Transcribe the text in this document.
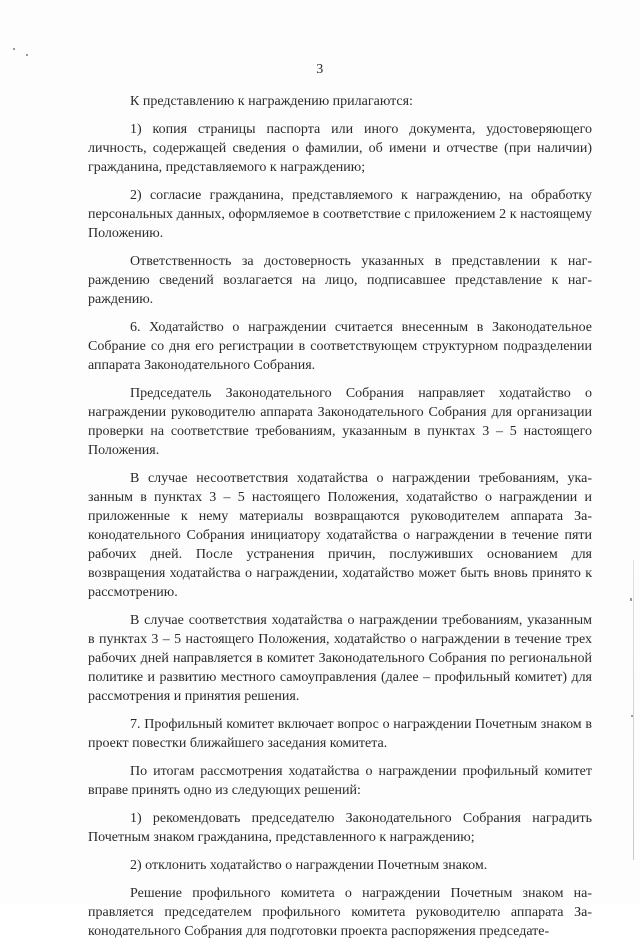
3

К представлению к награждению прилагаются:

1) копия страницы паспорта или иного документа, удостоверяющего личность, содержащей сведения о фамилии, об имени и отчестве (при наличии) гражданина, представляемого к награждению;

2) согласие гражданина, представляемого к награждению, на обработку персональных данных, оформляемое в соответствие с приложением 2 к настоящему Положению.

Ответственность за достоверность указанных в представлении к награждению сведений возлагается на лицо, подписавшее представление к награждению.

6. Ходатайство о награждении считается внесенным в Законодательное Собрание со дня его регистрации в соответствующем структурном подразделении аппарата Законодательного Собрания.

Председатель Законодательного Собрания направляет ходатайство о награждении руководителю аппарата Законодательного Собрания для организации проверки на соответствие требованиям, указанным в пунктах 3 – 5 настоящего Положения.

В случае несоответствия ходатайства о награждении требованиям, указанным в пунктах 3 – 5 настоящего Положения, ходатайство о награждении и приложенные к нему материалы возвращаются руководителем аппарата Законодательного Собрания инициатору ходатайства о награждении в течение пяти рабочих дней. После устранения причин, послуживших основанием для возвращения ходатайства о награждении, ходатайство может быть вновь принято к рассмотрению.

В случае соответствия ходатайства о награждении требованиям, указанным в пунктах 3 – 5 настоящего Положения, ходатайство о награждении в течение трех рабочих дней направляется в комитет Законодательного Собрания по региональной политике и развитию местного самоуправления (далее – профильный комитет) для рассмотрения и принятия решения.

7. Профильный комитет включает вопрос о награждении Почетным знаком в проект повестки ближайшего заседания комитета.

По итогам рассмотрения ходатайства о награждении профильный комитет вправе принять одно из следующих решений:

1) рекомендовать председателю Законодательного Собрания наградить Почетным знаком гражданина, представленного к награждению;

2) отклонить ходатайство о награждении Почетным знаком.

Решение профильного комитета о награждении Почетным знаком направляется председателем профильного комитета руководителю аппарата Законодательного Собрания для подготовки проекта распоряжения председате-
